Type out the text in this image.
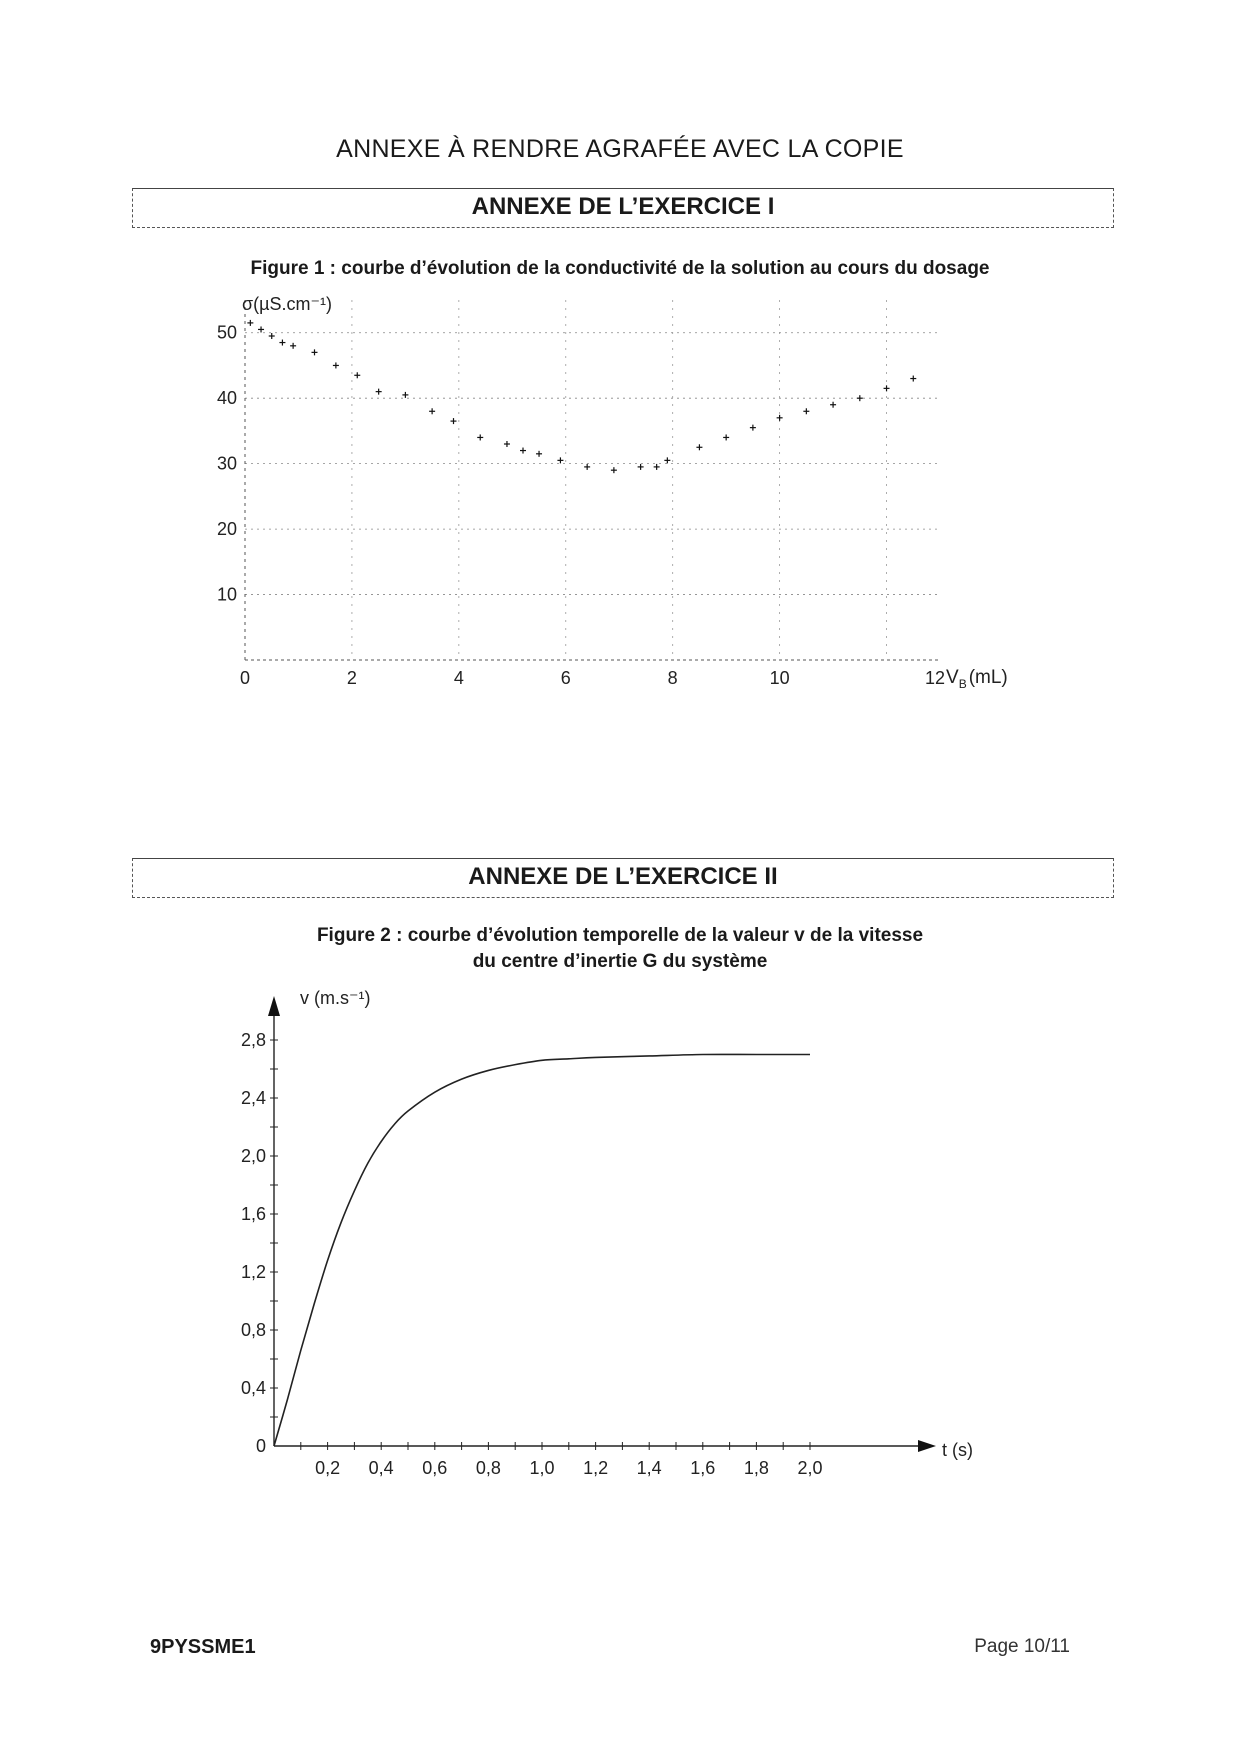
ANNEXE À RENDRE AGRAFÉE AVEC LA COPIE
ANNEXE DE L’EXERCICE I
Figure 1 : courbe d’évolution de la conductivité de la solution au cours du dosage
σ(µS.cm⁻¹)
0	2	4	6	8	10	12
10
20
30
40
50
$V_B$ (mL)
ANNEXE DE L’EXERCICE II
Figure 2 : courbe d’évolution temporelle de la valeur v de la vitesse
du centre d’inertie G du système
v (m.s⁻¹)
t (s)
0,2 0,4 0,6 0,8 1,0 1,2 1,4 1,6 1,8 2,0
0
0,4
0,8
1,2
1,6
2,0
2,4
2,8
9PYSSME1	Page 10/11
